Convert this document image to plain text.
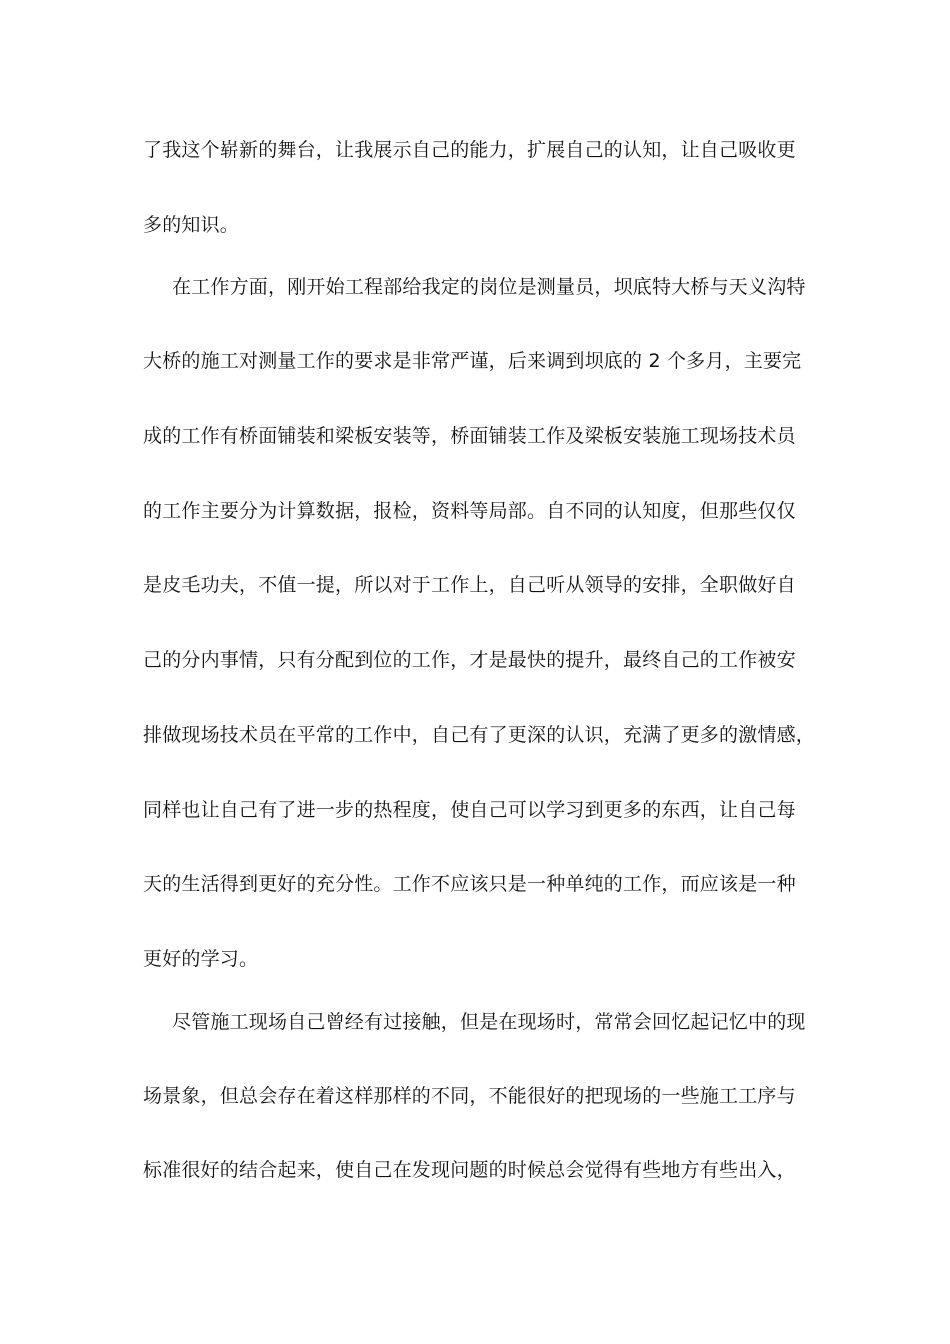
了我这个崭新的舞台，让我展示自己的能力，扩展自己的认知，让自己吸收更
多的知识。
在工作方面，刚开始工程部给我定的岗位是测量员，坝底特大桥与天义沟特
大桥的施工对测量工作的要求是非常严谨，后来调到坝底的 2 个多月，主要完
成的工作有桥面铺装和梁板安装等，桥面铺装工作及梁板安装施工现场技术员
的工作主要分为计算数据，报检，资料等局部。自不同的认知度，但那些仅仅
是皮毛功夫，不值一提，所以对于工作上，自己听从领导的安排，全职做好自
己的分内事情，只有分配到位的工作，才是最快的提升，最终自己的工作被安
排做现场技术员在平常的工作中，自己有了更深的认识，充满了更多的激情感，
同样也让自己有了进一步的热程度，使自己可以学习到更多的东西，让自己每
天的生活得到更好的充分性。工作不应该只是一种单纯的工作，而应该是一种
更好的学习。
尽管施工现场自己曾经有过接触，但是在现场时，常常会回忆起记忆中的现
场景象，但总会存在着这样那样的不同，不能很好的把现场的一些施工工序与
标准很好的结合起来，使自己在发现问题的时候总会觉得有些地方有些出入，
